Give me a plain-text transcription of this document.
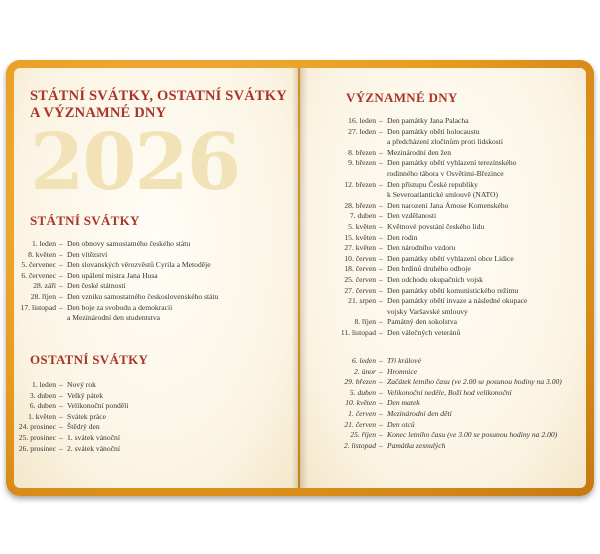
STÁTNÍ SVÁTKY, OSTATNÍ SVÁTKY
A VÝZNAMNÉ DNY
2026
STÁTNÍ SVÁTKY
1. leden – Den obnovy samostatného českého státu
8. květen – Den vítězství
5. červenec – Den slovanských věrozvěstů Cyrila a Metoděje
6. červenec – Den upálení mistra Jana Husa
28. září – Den české státnosti
28. říjen – Den vzniku samostatného československého státu
17. listopad – Den boje za svobodu a demokracii
a Mezinárodní den studentstva
OSTATNÍ SVÁTKY
1. leden – Nový rok
3. duben – Velký pátek
6. duben – Velikonoční pondělí
1. květen – Svátek práce
24. prosinec – Štědrý den
25. prosinec – 1. svátek vánoční
26. prosinec – 2. svátek vánoční
VÝZNAMNÉ DNY
16. leden – Den památky Jana Palacha
27. leden – Den památky obětí holocaustu
a předcházení zločinům proti lidskosti
8. březen – Mezinárodní den žen
9. březen – Den památky obětí vyhlazení terezínského
rodinného tábora v Osvětimi-Březince
12. březen – Den přístupu České republiky
k Severoatlantické smlouvě (NATO)
28. březen – Den narození Jana Ámose Komenského
7. duben – Den vzdělanosti
5. květen – Květnové povstání českého lidu
15. květen – Den rodin
27. květen – Den národního vzdoru
10. červen – Den památky obětí vyhlazení obce Lidice
18. červen – Den hrdinů druhého odboje
25. červen – Den odchodu okupačních vojsk
27. červen – Den památky obětí komunistického režimu
21. srpen – Den památky obětí invaze a následné okupace
vojsky Varšavské smlouvy
8. říjen – Památný den sokolstva
11. listopad – Den válečných veteránů
6. leden – Tři králové
2. únor – Hromnice
29. březen – Začátek letního času (ve 2.00 se posunou hodiny na 3.00)
5. duben – Velikonoční neděle, Boží hod velikonoční
10. květen – Den matek
1. červen – Mezinárodní den dětí
21. červen – Den otců
25. říjen – Konec letního času (ve 3.00 se posunou hodiny na 2.00)
2. listopad – Památka zesnulých
